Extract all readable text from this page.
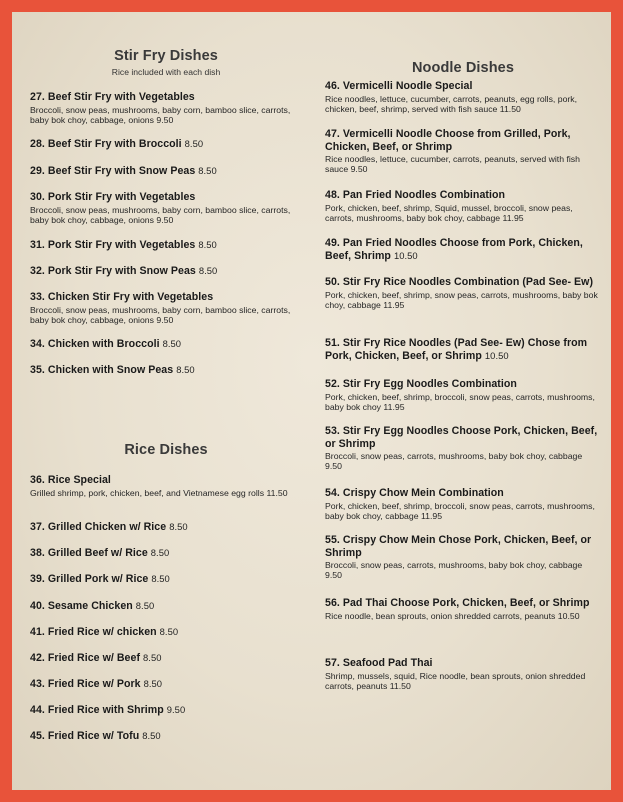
Stir Fry Dishes
Rice included with each dish
27. Beef Stir Fry with Vegetables
Broccoli, snow peas, mushrooms, baby corn, bamboo slice, carrots, baby bok choy, cabbage, onions 9.50
28. Beef Stir Fry with Broccoli 8.50
29. Beef Stir Fry with Snow Peas 8.50
30. Pork Stir Fry with Vegetables
Broccoli, snow peas, mushrooms, baby corn, bamboo slice, carrots, baby bok choy, cabbage, onions 9.50
31. Pork Stir Fry with Vegetables 8.50
32. Pork Stir Fry with Snow Peas 8.50
33. Chicken Stir Fry with Vegetables
Broccoli, snow peas, mushrooms, baby corn, bamboo slice, carrots, baby bok choy, cabbage, onions 9.50
34. Chicken with Broccoli 8.50
35. Chicken with Snow Peas 8.50
Rice Dishes
36. Rice Special
Grilled shrimp, pork, chicken, beef, and Vietnamese egg rolls 11.50
37. Grilled Chicken w/ Rice 8.50
38. Grilled Beef w/ Rice 8.50
39. Grilled Pork w/ Rice 8.50
40. Sesame Chicken 8.50
41. Fried Rice w/ chicken 8.50
42. Fried Rice w/ Beef 8.50
43. Fried Rice w/ Pork 8.50
44. Fried Rice with Shrimp 9.50
45. Fried Rice w/ Tofu 8.50
Noodle Dishes
46. Vermicelli Noodle Special
Rice noodles, lettuce, cucumber, carrots, peanuts, egg rolls, pork, chicken, beef, shrimp, served with fish sauce 11.50
47. Vermicelli Noodle Choose from Grilled, Pork, Chicken, Beef, or Shrimp
Rice noodles, lettuce, cucumber, carrots, peanuts, served with fish sauce 9.50
48. Pan Fried Noodles Combination
Pork, chicken, beef, shrimp, Squid, mussel, broccoli, snow peas, carrots, mushrooms, baby bok choy, cabbage 11.95
49. Pan Fried Noodles Choose from Pork, Chicken, Beef, Shrimp 10.50
50. Stir Fry Rice Noodles Combination (Pad See- Ew)
Pork, chicken, beef, shrimp, snow peas, carrots, mushrooms, baby bok choy, cabbage 11.95
51. Stir Fry Rice Noodles (Pad See- Ew) Chose from Pork, Chicken, Beef, or Shrimp 10.50
52. Stir Fry Egg Noodles Combination
Pork, chicken, beef, shrimp, broccoli, snow peas, carrots, mushrooms, baby bok choy 11.95
53. Stir Fry Egg Noodles Choose Pork, Chicken, Beef, or Shrimp
Broccoli, snow peas, carrots, mushrooms, baby bok choy, cabbage 9.50
54. Crispy Chow Mein Combination
Pork, chicken, beef, shrimp, broccoli, snow peas, carrots, mushrooms, baby bok choy, cabbage 11.95
55. Crispy Chow Mein Chose Pork, Chicken, Beef, or Shrimp
Broccoli, snow peas, carrots, mushrooms, baby bok choy, cabbage 9.50
56. Pad Thai Choose Pork, Chicken, Beef, or Shrimp
Rice noodle, bean sprouts, onion shredded carrots, peanuts 10.50
57. Seafood Pad Thai
Shrimp, mussels, squid, Rice noodle, bean sprouts, onion shredded carrots, peanuts 11.50
